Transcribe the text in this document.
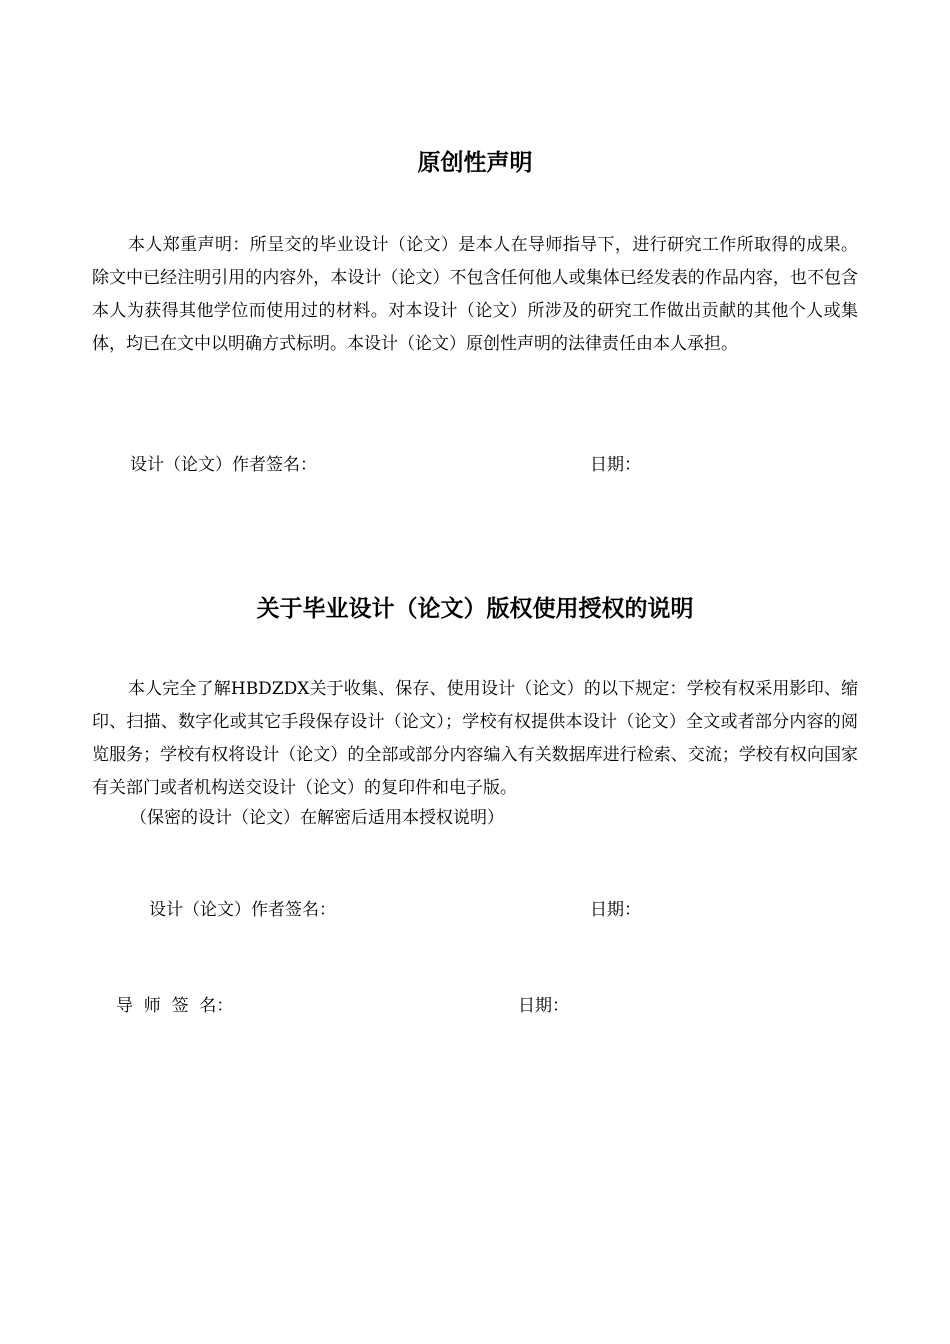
原创性声明

本人郑重声明：所呈交的毕业设计（论文）是本人在导师指导下，进行研究工作所取得的成果。除文中已经注明引用的内容外，本设计（论文）不包含任何他人或集体已经发表的作品内容，也不包含本人为获得其他学位而使用过的材料。对本设计（论文）所涉及的研究工作做出贡献的其他个人或集体，均已在文中以明确方式标明。本设计（论文）原创性声明的法律责任由本人承担。

设计（论文）作者签名：	日期：
关于毕业设计（论文）版权使用授权的说明

本人完全了解HBDZDX关于收集、保存、使用设计（论文）的以下规定：学校有权采用影印、缩印、扫描、数字化或其它手段保存设计（论文）；学校有权提供本设计（论文）全文或者部分内容的阅览服务；学校有权将设计（论文）的全部或部分内容编入有关数据库进行检索、交流；学校有权向国家有关部门或者机构送交设计（论文）的复印件和电子版。

（保密的设计（论文）在解密后适用本授权说明）
设计（论文）作者签名：	日期：
导  师  签  名：	日期：
